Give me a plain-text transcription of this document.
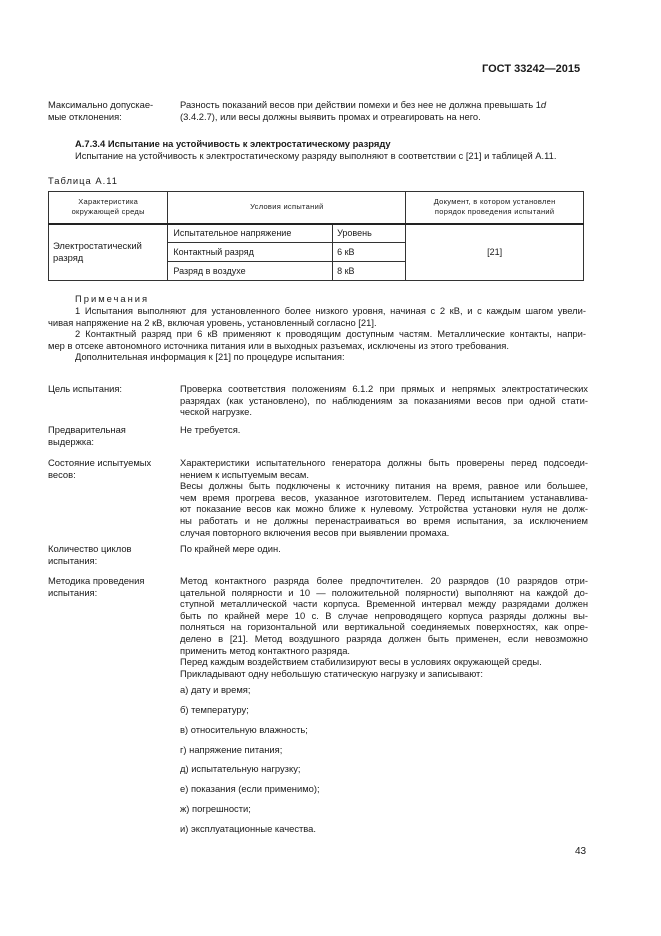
ГОСТ 33242—2015
Максимально допускае-
мые отклонения:
Разность показаний весов при действии помехи и без нее не должна превышать 1d
(3.4.2.7), или весы должны выявить промах и отреагировать на него.
А.7.3.4 Испытание на устойчивость к электростатическому разряду
Испытание на устойчивость к электростатическому разряду выполняют в соответствии с [21] и таблицей А.11.
Таблица А.11
Характеристика
окружающей среды	Условия испытаний		Документ, в котором установлен
порядок проведения испытаний

Электростатический
разряд	Испытательное напряжение	Уровень	[21]
	Контактный разряд	6 кВ	
	Разряд в воздухе	8 кВ	
Примечания
1 Испытания выполняют для установленного более низкого уровня, начиная с 2 кВ, и с каждым шагом увели-
чивая напряжение на 2 кВ, включая уровень, установленный согласно [21].
2 Контактный разряд при 6 кВ применяют к проводящим доступным частям. Металлические контакты, напри-
мер в отсеке автономного источника питания или в выходных разъемах, исключены из этого требования.
Дополнительная информация к [21] по процедуре испытания:
Цель испытания:	Проверка соответствия положениям 6.1.2 при прямых и непрямых электростатических
разрядах (как установлено), по наблюдениям за показаниями весов при одной стати-
ческой нагрузке.
Предварительная
выдержка:
Не требуется.
Состояние испытуемых
весов:
Характеристики испытательного генератора должны быть проверены перед подсоеди-
нением к испытуемым весам.
Весы должны быть подключены к источнику питания на время, равное или большее,
чем время прогрева весов, указанное изготовителем. Перед испытанием устанавлива-
ют показание весов как можно ближе к нулевому. Устройства установки нуля не долж-
ны работать и не должны перенастраиваться во время испытания, за исключением
случая повторного включения весов при выявлении промаха.
Количество циклов
испытания:
По крайней мере один.
Методика проведения
испытания:
Метод контактного разряда более предпочтителен. 20 разрядов (10 разрядов отри-
цательной полярности и 10 — положительной полярности) выполняют на каждой до-
ступной металлической части корпуса. Временной интервал между разрядами должен
быть по крайней мере 10 с. В случае непроводящего корпуса разряды должны вы-
полняться на горизонтальной или вертикальной соединяемых поверхностях, как опре-
делено в [21]. Метод воздушного разряда должен быть применен, если невозможно
применить метод контактного разряда.
Перед каждым воздействием стабилизируют весы в условиях окружающей среды.
Прикладывают одну небольшую статическую нагрузку и записывают:
а) дату и время;
б) температуру;
в) относительную влажность;
г) напряжение питания;
д) испытательную нагрузку;
е) показания (если применимо);
ж) погрешности;
и) эксплуатационные качества.
43
